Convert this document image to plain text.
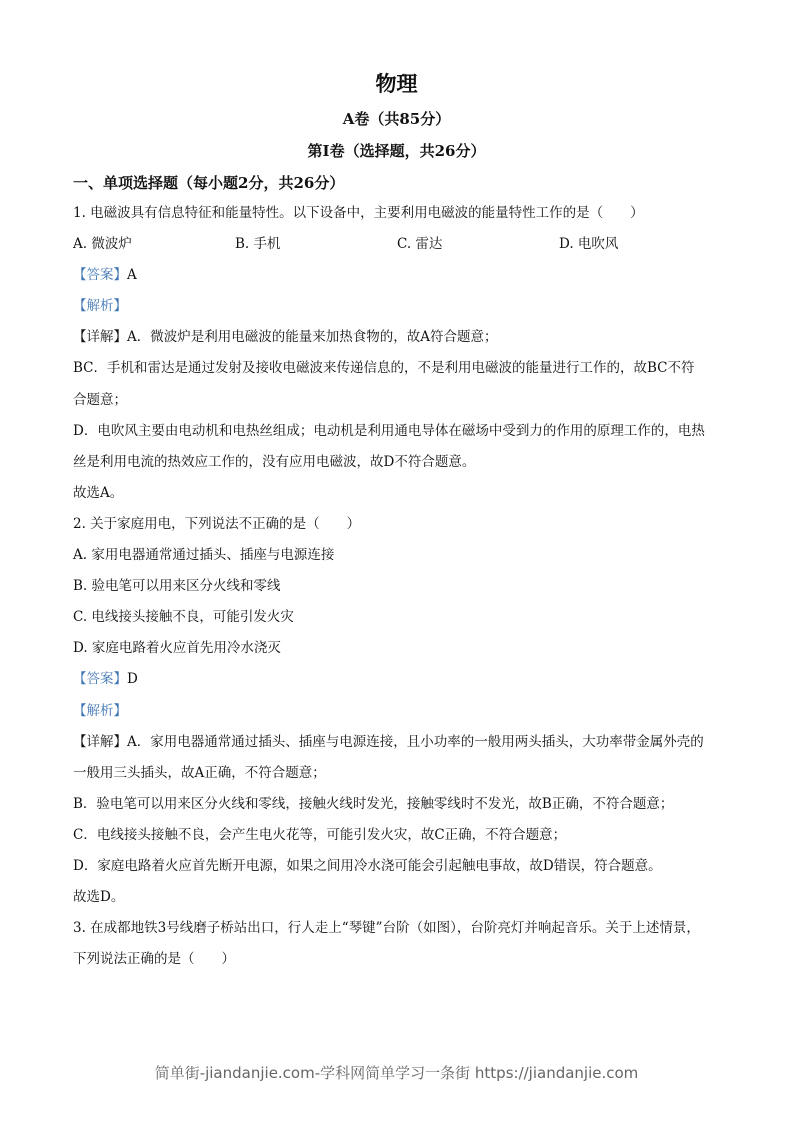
物理
A卷（共85分）
第I卷（选择题，共26分）
一、单项选择题（每小题2分，共26分）
1. 电磁波具有信息特征和能量特性。以下设备中，主要利用电磁波的能量特性工作的是（　　）
A. 微波炉	B. 手机	C. 雷达	D. 电吹风
【答案】A
【解析】
【详解】A．微波炉是利用电磁波的能量来加热食物的，故A符合题意；
BC．手机和雷达是通过发射及接收电磁波来传递信息的，不是利用电磁波的能量进行工作的，故BC不符
合题意；
D．电吹风主要由电动机和电热丝组成；电动机是利用通电导体在磁场中受到力的作用的原理工作的，电热
丝是利用电流的热效应工作的，没有应用电磁波，故D不符合题意。
故选A。
2. 关于家庭用电，下列说法不正确的是（　　）
A. 家用电器通常通过插头、插座与电源连接
B. 验电笔可以用来区分火线和零线
C. 电线接头接触不良，可能引发火灾
D. 家庭电路着火应首先用冷水浇灭
【答案】D
【解析】
【详解】A．家用电器通常通过插头、插座与电源连接，且小功率的一般用两头插头，大功率带金属外壳的
一般用三头插头，故A正确，不符合题意；
B．验电笔可以用来区分火线和零线，接触火线时发光，接触零线时不发光，故B正确，不符合题意；
C．电线接头接触不良，会产生电火花等，可能引发火灾，故C正确，不符合题意；
D．家庭电路着火应首先断开电源，如果之间用冷水浇可能会引起触电事故，故D错误，符合题意。
故选D。
3. 在成都地铁3号线磨子桥站出口，行人走上“琴键”台阶（如图），台阶亮灯并响起音乐。关于上述情景，
下列说法正确的是（　　）
简单街-jiandanjie.com-学科网简单学习一条街 https://jiandanjie.com
